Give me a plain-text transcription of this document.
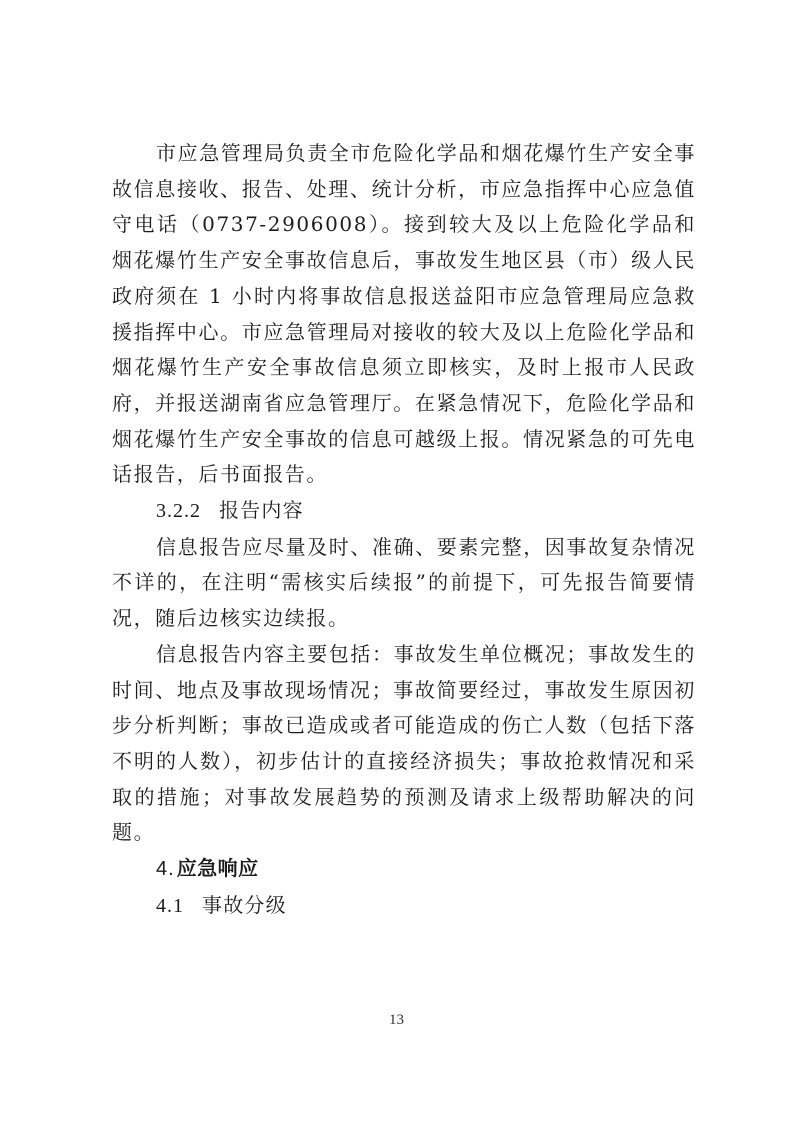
市应急管理局负责全市危险化学品和烟花爆竹生产安全事故信息接收、报告、处理、统计分析，市应急指挥中心应急值守电话（0737-2906008）。接到较大及以上危险化学品和烟花爆竹生产安全事故信息后，事故发生地区县（市）级人民政府须在 1 小时内将事故信息报送益阳市应急管理局应急救援指挥中心。市应急管理局对接收的较大及以上危险化学品和烟花爆竹生产安全事故信息须立即核实，及时上报市人民政府，并报送湖南省应急管理厅。在紧急情况下，危险化学品和烟花爆竹生产安全事故的信息可越级上报。情况紧急的可先电话报告，后书面报告。

3.2.2 报告内容

信息报告应尽量及时、准确、要素完整，因事故复杂情况不详的，在注明“需核实后续报”的前提下，可先报告简要情况，随后边核实边续报。

信息报告内容主要包括：事故发生单位概况；事故发生的时间、地点及事故现场情况；事故简要经过，事故发生原因初步分析判断；事故已造成或者可能造成的伤亡人数（包括下落不明的人数），初步估计的直接经济损失；事故抢救情况和采取的措施；对事故发展趋势的预测及请求上级帮助解决的问题。

4. 应急响应
4.1 事故分级
13
